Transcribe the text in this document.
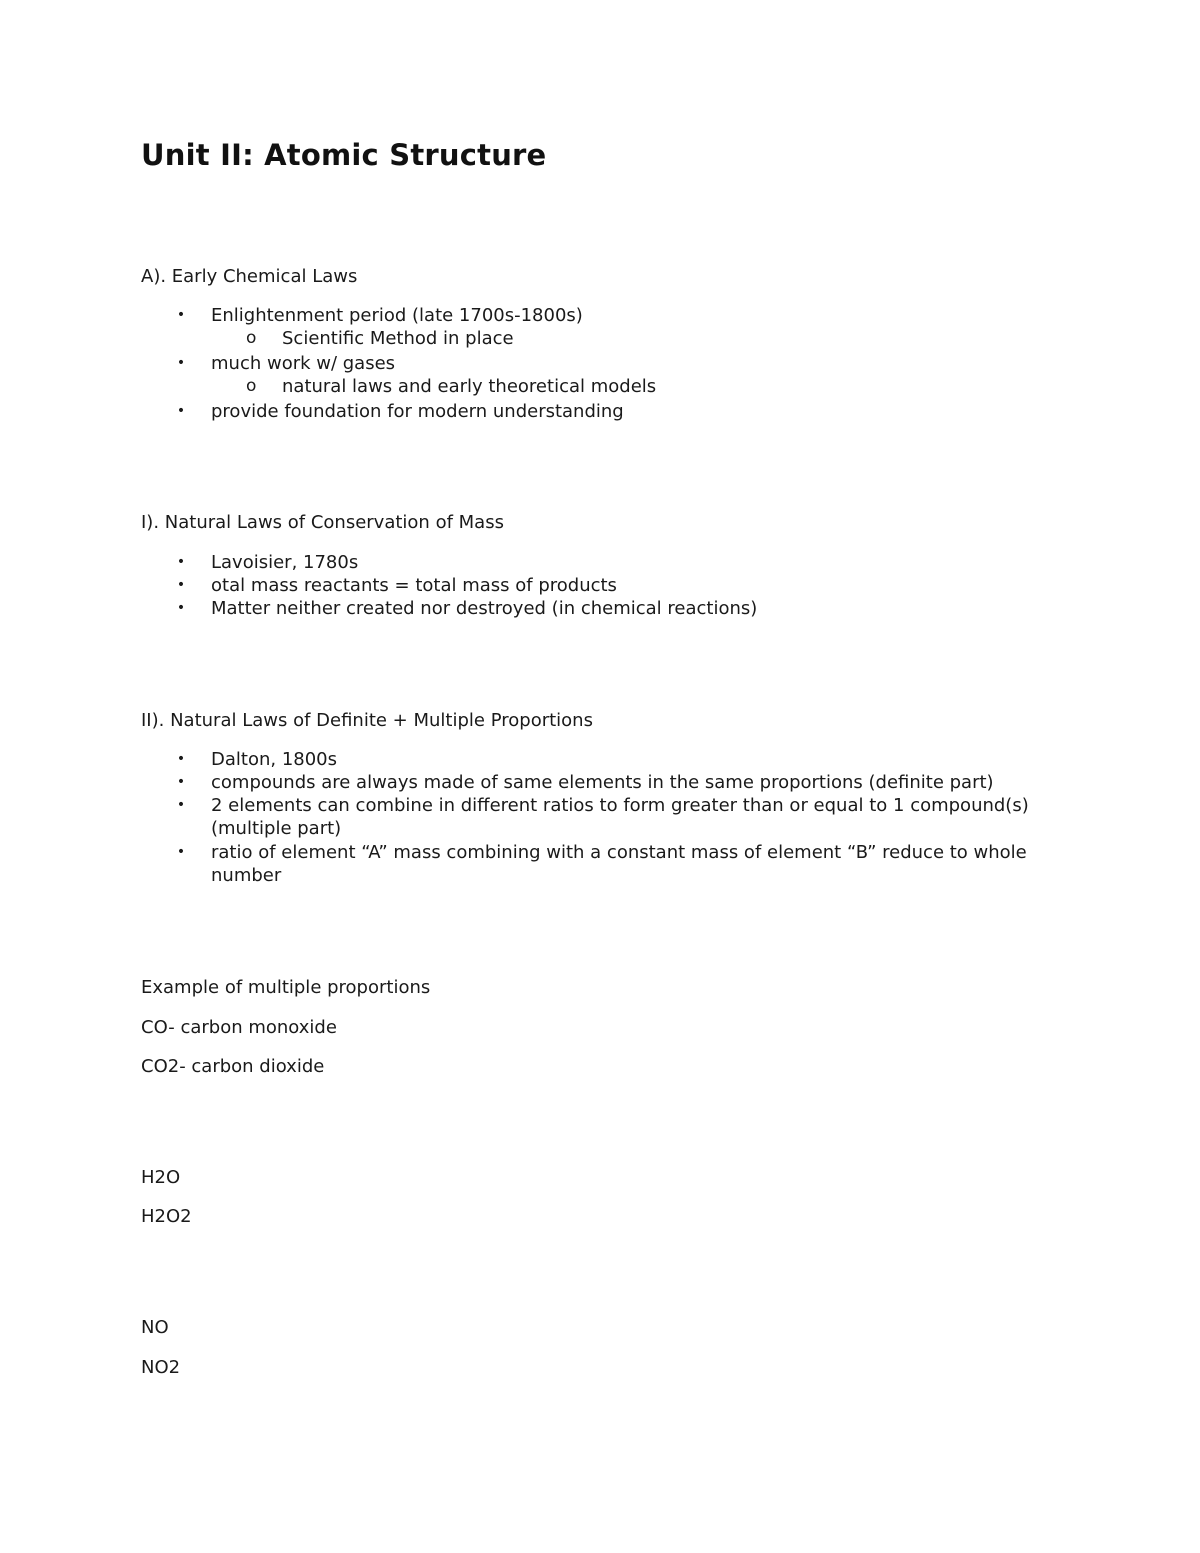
Unit II: Atomic Structure

A). Early Chemical Laws

• Enlightenment period (late 1700s-1800s)
o Scientific Method in place
• much work w/ gases
o natural laws and early theoretical models
• provide foundation for modern understanding

I). Natural Laws of Conservation of Mass

• Lavoisier, 1780s
• otal mass reactants = total mass of products
• Matter neither created nor destroyed (in chemical reactions)

II). Natural Laws of Definite + Multiple Proportions

• Dalton, 1800s
• compounds are always made of same elements in the same proportions (definite part)
• 2 elements can combine in different ratios to form greater than or equal to 1 compound(s)
(multiple part)
• ratio of element “A” mass combining with a constant mass of element “B” reduce to whole
number

Example of multiple proportions

CO- carbon monoxide

CO2- carbon dioxide

H2O

H2O2

NO

NO2
